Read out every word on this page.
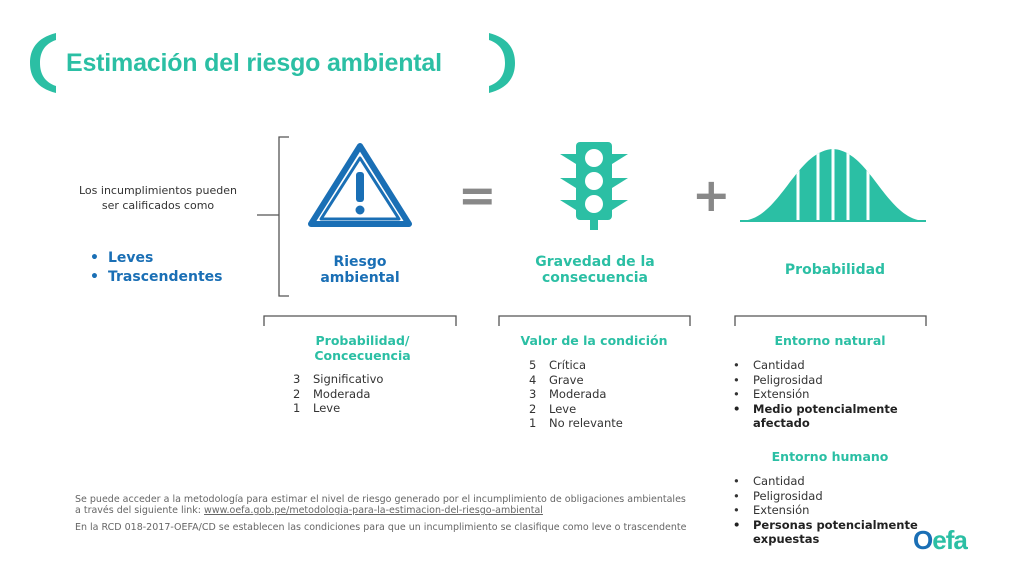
Estimación del riesgo ambiental
Los incumplimientos pueden ser calificados como
• Leves
• Trascendentes
Riesgo ambiental
=
Gravedad de la consecuencia
+
Probabilidad
Probabilidad/ Concecuencia
3 Significativo
2 Moderada
1 Leve
Valor de la condición
5 Crítica
4 Grave
3 Moderada
2 Leve
1 No relevante
Entorno natural
• Cantidad
• Peligrosidad
• Extensión
• Medio potencialmente afectado
Entorno humano
• Cantidad
• Peligrosidad
• Extensión
• Personas potencialmente expuestas
Se puede acceder a la metodología para estimar el nivel de riesgo generado por el incumplimiento de obligaciones ambientales a través del siguiente link: www.oefa.gob.pe/metodologia-para-la-estimacion-del-riesgo-ambiental
En la RCD 018-2017-OEFA/CD se establecen las condiciones para que un incumplimiento se clasifique como leve o trascendente	Oefa
